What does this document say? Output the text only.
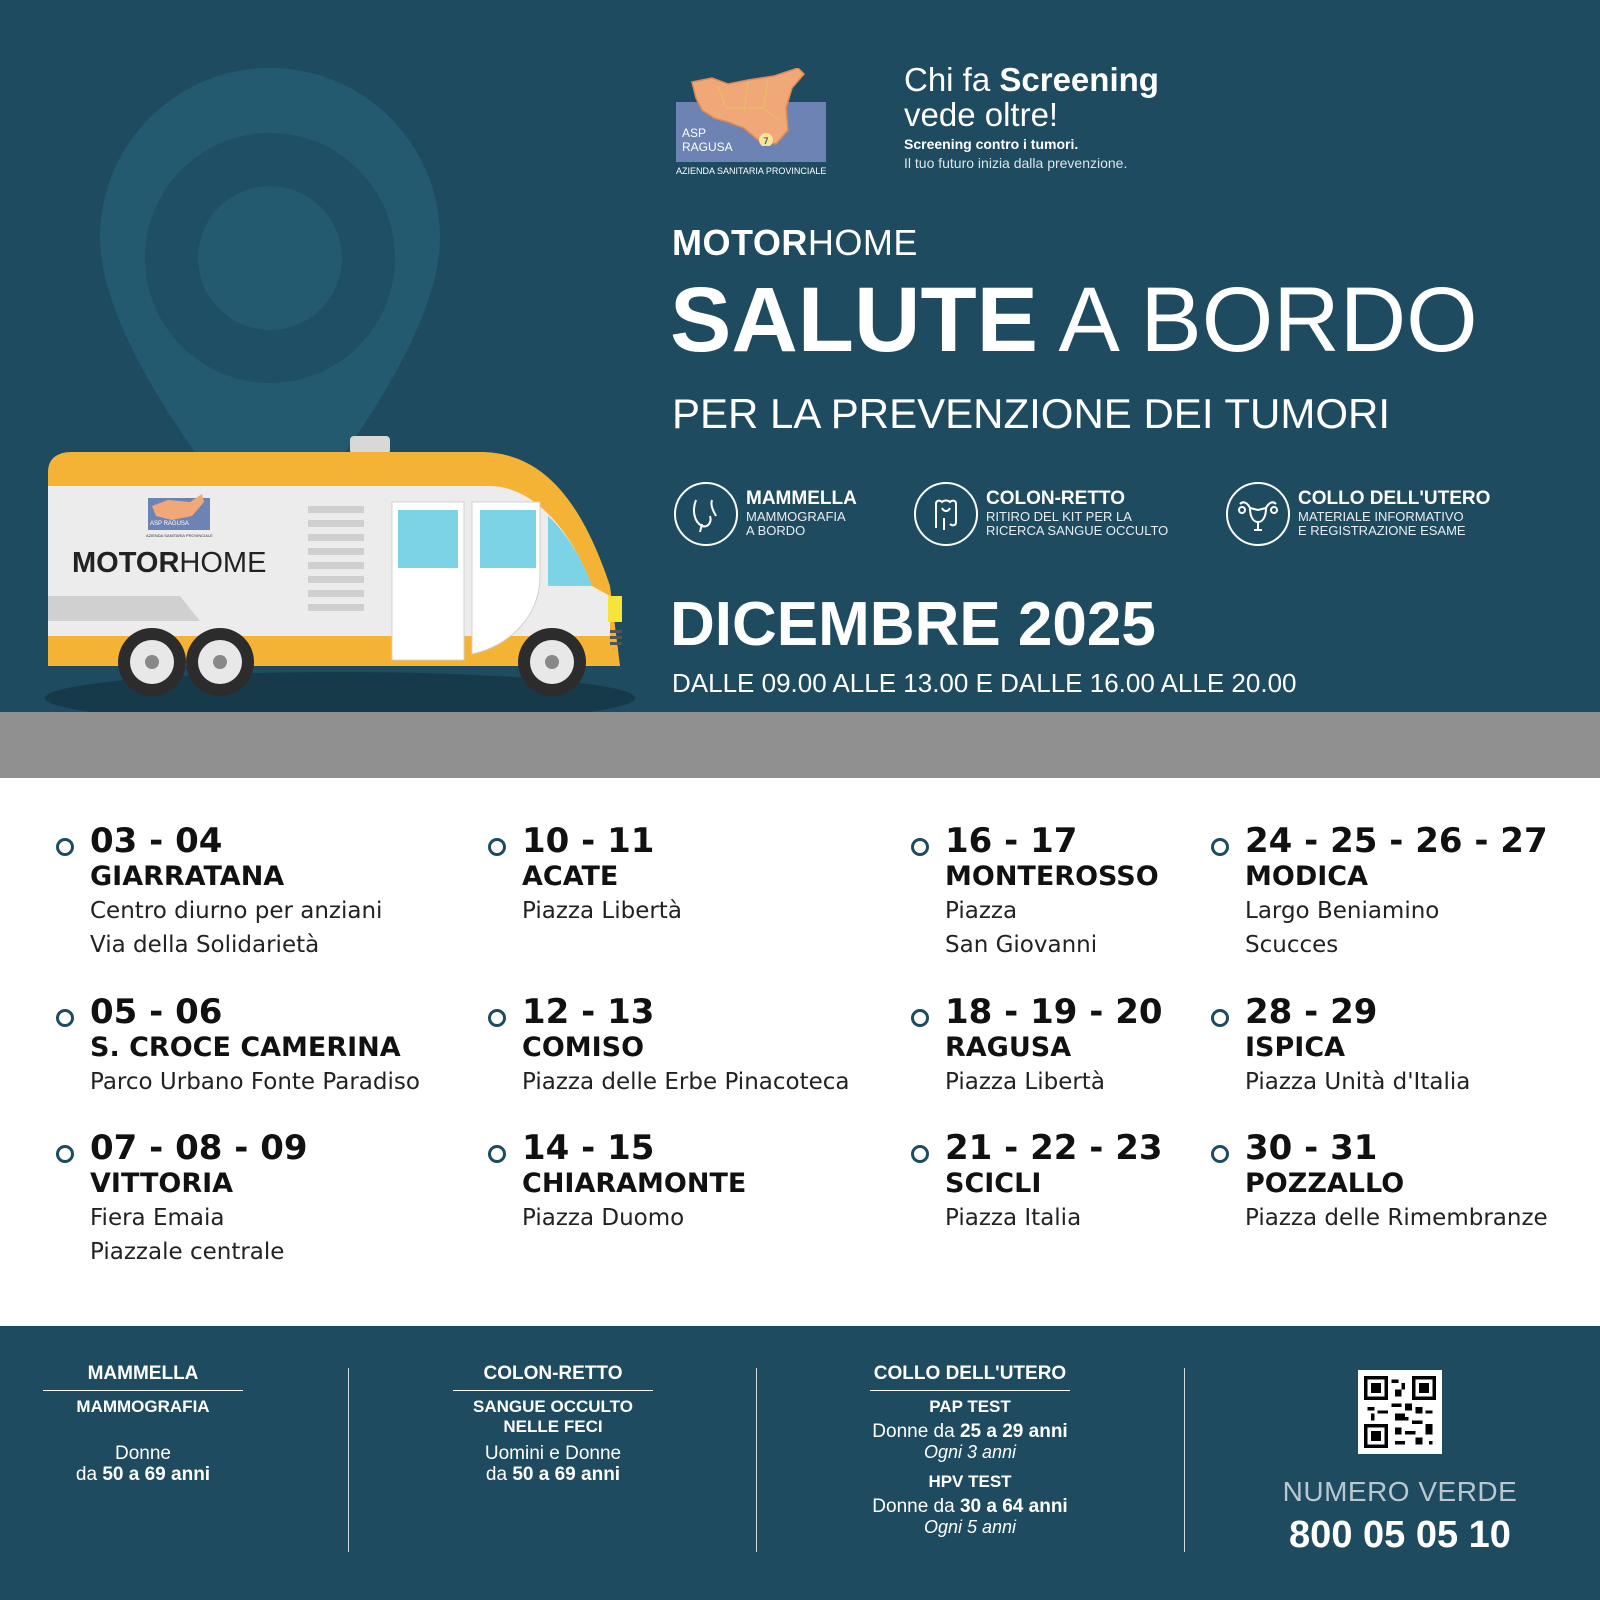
7
ASP
RAGUSA
AZIENDA SANITARIA PROVINCIALE
Chi fa Screening
vede oltre!
Screening contro i tumori.
Il tuo futuro inizia dalla prevenzione.
MOTORHOME
SALUTE A BORDO
PER LA PREVENZIONE DEI TUMORI
MAMMELLA
MAMMOGRAFIA
A BORDO
COLON-RETTO
RITIRO DEL KIT PER LA
RICERCA SANGUE OCCULTO
COLLO DELL'UTERO
MATERIALE INFORMATIVO
E REGISTRAZIONE ESAME
DICEMBRE 2025
DALLE 09.00 ALLE 13.00 E DALLE 16.00 ALLE 20.00
ASP RAGUSA
AZIENDA SANITARIA PROVINCIALE
MOTORHOME
03 - 04
GIARRATANA
Centro diurno per anziani
Via della Solidarietà
05 - 06
S. CROCE CAMERINA
Parco Urbano Fonte Paradiso
07 - 08 - 09
VITTORIA
Fiera Emaia
Piazzale centrale
10 - 11
ACATE
Piazza Libertà
12 - 13
COMISO
Piazza delle Erbe Pinacoteca
14 - 15
CHIARAMONTE
Piazza Duomo
16 - 17
MONTEROSSO
Piazza
San Giovanni
18 - 19 - 20
RAGUSA
Piazza Libertà
21 - 22 - 23
SCICLI
Piazza Italia
24 - 25 - 26 - 27
MODICA
Largo Beniamino
Scucces
28 - 29
ISPICA
Piazza Unità d'Italia
30 - 31
POZZALLO
Piazza delle Rimembranze
MAMMELLA
MAMMOGRAFIA
Donne
da 50 a 69 anni
COLON-RETTO
SANGUE OCCULTO
NELLE FECI
Uomini e Donne
da 50 a 69 anni
COLLO DELL'UTERO
PAP TEST
Donne da 25 a 29 anni
Ogni 3 anni
HPV TEST
Donne da 30 a 64 anni
Ogni 5 anni
NUMERO VERDE
800 05 05 10
